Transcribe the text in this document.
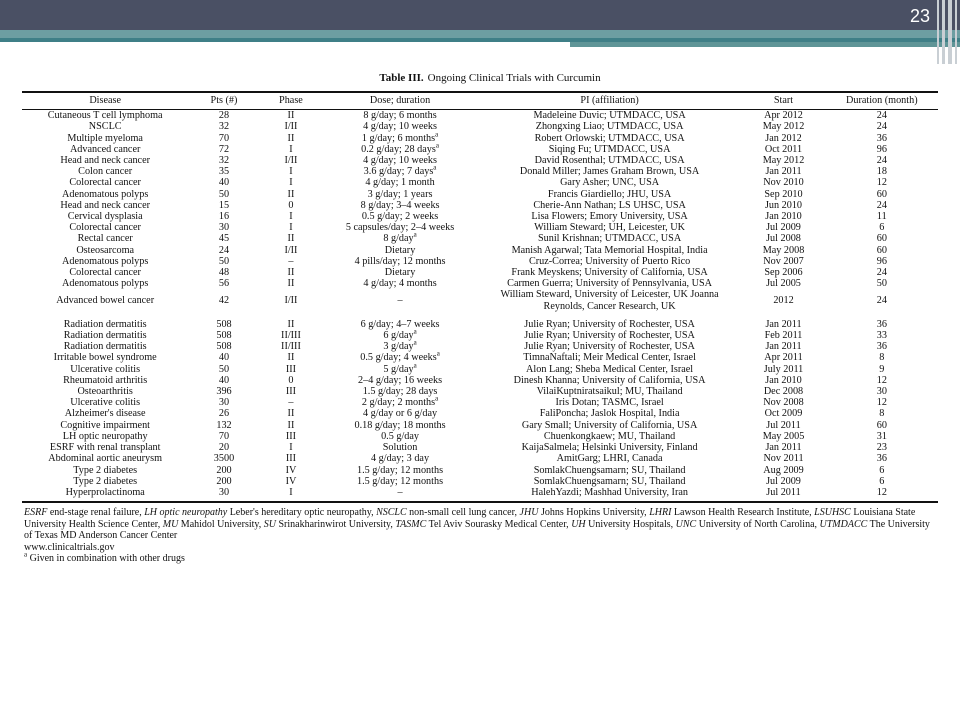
23
Table III. Ongoing Clinical Trials with Curcumin
Disease	Pts (#)	Phase	Dose; duration	PI (affiliation)	Start	Duration (month)
Cutaneous T cell lymphoma	28	II	8 g/day; 6 months	Madeleine Duvic; UTMDACC, USA	Apr 2012	24
NSCLC	32	I/II	4 g/day; 10 weeks	Zhongxing Liao; UTMDACC, USA	May 2012	24
Multiple myeloma	70	II	1 g/day; 6 months$^a$	Robert Orlowski; UTMDACC, USA	Jan 2012	36
Advanced cancer	72	I	0.2 g/day; 28 days$^a$	Siqing Fu; UTMDACC, USA	Oct 2011	96
Head and neck cancer	32	I/II	4 g/day; 10 weeks	David Rosenthal; UTMDACC, USA	May 2012	24
Colon cancer	35	I	3.6 g/day; 7 days$^a$	Donald Miller; James Graham Brown, USA	Jan 2011	18
Colorectal cancer	40	I	4 g/day; 1 month	Gary Asher; UNC, USA	Nov 2010	12
Adenomatous polyps	50	II	3 g/day; 1 years	Francis Giardiello; JHU, USA	Sep 2010	60
Head and neck cancer	15	0	8 g/day; 3–4 weeks	Cherie-Ann Nathan; LS UHSC, USA	Jun 2010	24
Cervical dysplasia	16	I	0.5 g/day; 2 weeks	Lisa Flowers; Emory University, USA	Jan 2010	11
Colorectal cancer	30	I	5 capsules/day; 2–4 weeks	William Steward; UH, Leicester, UK	Jul 2009	6
Rectal cancer	45	II	8 g/day$^a$	Sunil Krishnan; UTMDACC, USA	Jul 2008	60
Osteosarcoma	24	I/II	Dietary	Manish Agarwal; Tata Memorial Hospital, India	May 2008	60
Adenomatous polyps	50	–	4 pills/day; 12 months	Cruz-Correa; University of Puerto Rico	Nov 2007	96
Colorectal cancer	48	II	Dietary	Frank Meyskens; University of California, USA	Sep 2006	24
Adenomatous polyps	56	II	4 g/day; 4 months	Carmen Guerra; University of Pennsylvania, USA	Jul 2005	50
Advanced bowel cancer	42	I/II	–	William Steward, University of Leicester, UK Joanna Reynolds, Cancer Research, UK	2012	24

Radiation dermatitis	508	II	6 g/day; 4–7 weeks	Julie Ryan; University of Rochester, USA	Jan 2011	36
Radiation dermatitis	508	II/III	6 g/day$^a$	Julie Ryan; University of Rochester, USA	Feb 2011	33
Radiation dermatitis	508	II/III	3 g/day$^a$	Julie Ryan; University of Rochester, USA	Jan 2011	36
Irritable bowel syndrome	40	II	0.5 g/day; 4 weeks$^a$	TimnaNaftali; Meir Medical Center, Israel	Apr 2011	8
Ulcerative colitis	50	III	5 g/day$^a$	Alon Lang; Sheba Medical Center, Israel	July 2011	9
Rheumatoid arthritis	40	0	2–4 g/day; 16 weeks	Dinesh Khanna; University of California, USA	Jan 2010	12
Osteoarthritis	396	III	1.5 g/day; 28 days	VilaiKuptniratsaikul; MU, Thailand	Dec 2008	30
Ulcerative colitis	30	–	2 g/day; 2 months$^a$	Iris Dotan; TASMC, Israel	Nov 2008	12
Alzheimer's disease	26	II	4 g/day or 6 g/day	FaliPoncha; Jaslok Hospital, India	Oct 2009	8
Cognitive impairment	132	II	0.18 g/day; 18 months	Gary Small; University of California, USA	Jul 2011	60
LH optic neuropathy	70	III	0.5 g/day	Chuenkongkaew; MU, Thailand	May 2005	31
ESRF with renal transplant	20	I	Solution	KaijaSalmela; Helsinki University, Finland	Jan 2011	23
Abdominal aortic aneurysm	3500	III	4 g/day; 3 day	AmitGarg; LHRI, Canada	Nov 2011	36
Type 2 diabetes	200	IV	1.5 g/day; 12 months	SomlakChuengsamarn; SU, Thailand	Aug 2009	6
Type 2 diabetes	200	IV	1.5 g/day; 12 months	SomlakChuengsamarn; SU, Thailand	Jul 2009	6
Hyperprolactinoma	30	I	–	HalehYazdi; Mashhad University, Iran	Jul 2011	12

ESRF end-stage renal failure, LH optic neuropathy Leber's hereditary optic neuropathy, NSCLC non-small cell lung cancer, JHU Johns Hopkins University, LHRI Lawson Health Research Institute, LSUHSC Louisiana State University Health Science Center, MU Mahidol University, SU Srinakharinwirot University, TASMC Tel Aviv Sourasky Medical Center, UH University Hospitals, UNC University of North Carolina, UTMDACC The University of Texas MD Anderson Cancer Center

www.clinicaltrials.gov

$^a$ Given in combination with other drugs
